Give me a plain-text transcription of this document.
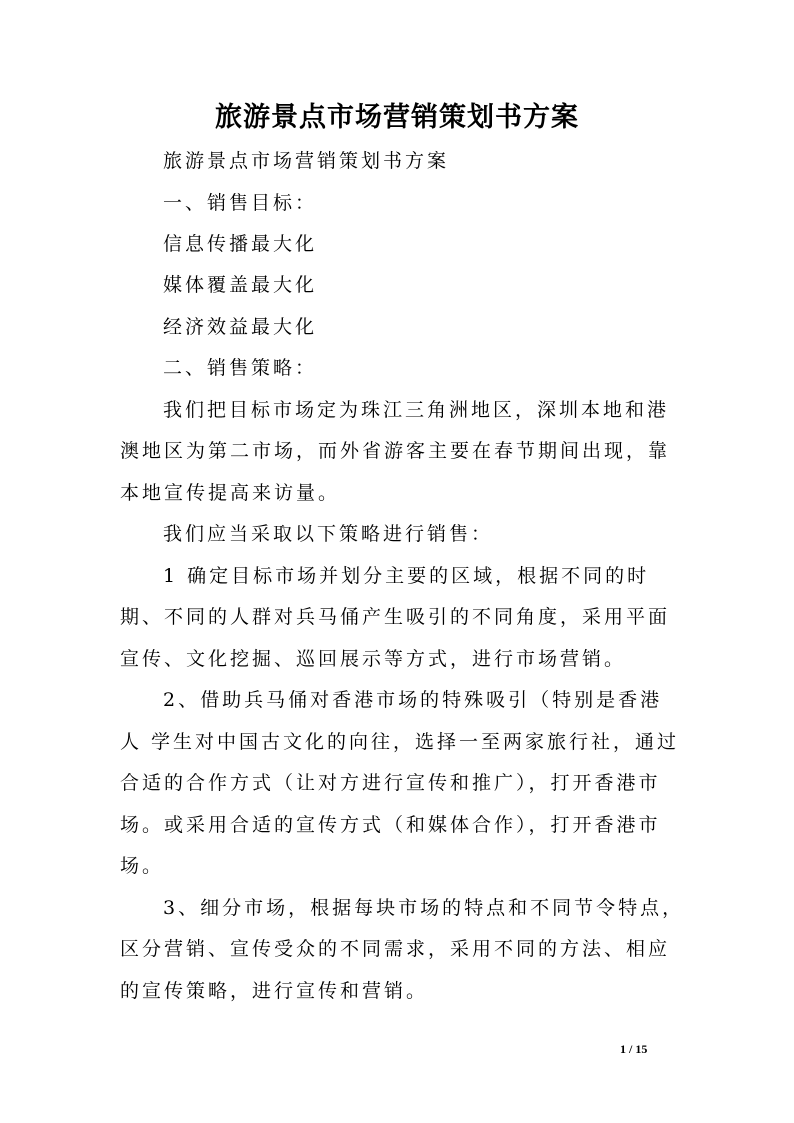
旅游景点市场营销策划书方案
旅游景点市场营销策划书方案
一、销售目标：
信息传播最大化
媒体覆盖最大化
经济效益最大化
二、销售策略：
我们把目标市场定为珠江三角洲地区，深圳本地和港
澳地区为第二市场，而外省游客主要在春节期间出现，靠
本地宣传提高来访量。
我们应当采取以下策略进行销售：
1 确定目标市场并划分主要的区域，根据不同的时
期、不同的人群对兵马俑产生吸引的不同角度，采用平面
宣传、文化挖掘、巡回展示等方式，进行市场营销。
2、借助兵马俑对香港市场的特殊吸引（特别是香港
人 学生对中国古文化的向往，选择一至两家旅行社，通过
合适的合作方式（让对方进行宣传和推广），打开香港市
场。或采用合适的宣传方式（和媒体合作），打开香港市
场。
3、细分市场，根据每块市场的特点和不同节令特点，
区分营销、宣传受众的不同需求，采用不同的方法、相应
的宣传策略，进行宣传和营销。
1 / 15
